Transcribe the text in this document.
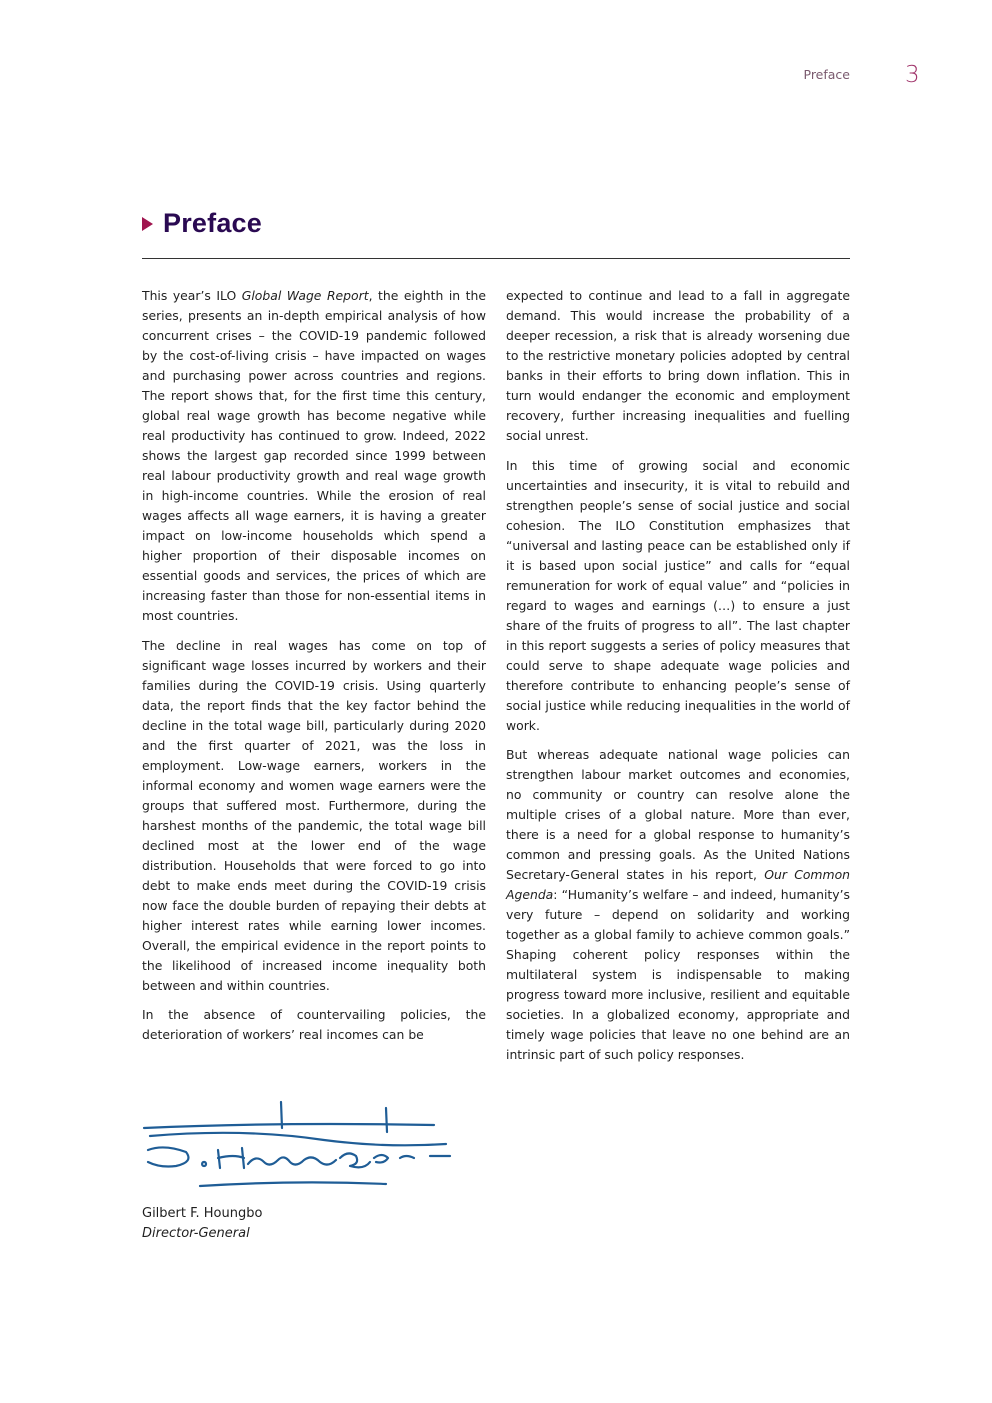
Preface 3
Preface

This year’s ILO Global Wage Report, the eighth in the series, presents an in-depth empirical analysis of how concurrent crises – the COVID-19 pandemic followed by the cost-of-living crisis – have impacted on wages and purchasing power across countries and regions. The report shows that, for the first time this century, global real wage growth has become negative while real productivity has continued to grow. Indeed, 2022 shows the largest gap recorded since 1999 between real labour productivity growth and real wage growth in high-income countries. While the erosion of real wages affects all wage earners, it is having a greater impact on low-income households which spend a higher proportion of their disposable incomes on essential goods and services, the prices of which are increasing faster than those for non-essential items in most countries.

The decline in real wages has come on top of significant wage losses incurred by workers and their families during the COVID-19 crisis. Using quarterly data, the report finds that the key factor behind the decline in the total wage bill, particularly during 2020 and the first quarter of 2021, was the loss in employment. Low-wage earners, workers in the informal economy and women wage earners were the groups that suffered most. Furthermore, during the harshest months of the pandemic, the total wage bill declined most at the lower end of the wage distribution. Households that were forced to go into debt to make ends meet during the COVID-19 crisis now face the double burden of repaying their debts at higher interest rates while earning lower incomes. Overall, the empirical evidence in the report points to the likelihood of increased income inequality both between and within countries.

In the absence of countervailing policies, the deterioration of workers’ real incomes can be

expected to continue and lead to a fall in aggregate demand. This would increase the probability of a deeper recession, a risk that is already worsening due to the restrictive monetary policies adopted by central banks in their efforts to bring down inflation. This in turn would endanger the economic and employment recovery, further increasing inequalities and fuelling social unrest.

In this time of growing social and economic uncertainties and insecurity, it is vital to rebuild and strengthen people’s sense of social justice and social cohesion. The ILO Constitution emphasizes that “universal and lasting peace can be established only if it is based upon social justice” and calls for “equal remuneration for work of equal value” and “policies in regard to wages and earnings (…) to ensure a just share of the fruits of progress to all”. The last chapter in this report suggests a series of policy measures that could serve to shape adequate wage policies and therefore contribute to enhancing people’s sense of social justice while reducing inequalities in the world of work.

But whereas adequate national wage policies can strengthen labour market outcomes and economies, no community or country can resolve alone the multiple crises of a global nature. More than ever, there is a need for a global response to humanity’s common and pressing goals. As the United Nations Secretary-General states in his report, Our Common Agenda: “Humanity’s welfare – and indeed, humanity’s very future – depend on solidarity and working together as a global family to achieve common goals.” Shaping coherent policy responses within the multilateral system is indispensable to making progress toward more inclusive, resilient and equitable societies. In a globalized economy, appropriate and timely wage policies that leave no one behind are an intrinsic part of such policy responses.

Gilbert F. Houngbo
Director-General
